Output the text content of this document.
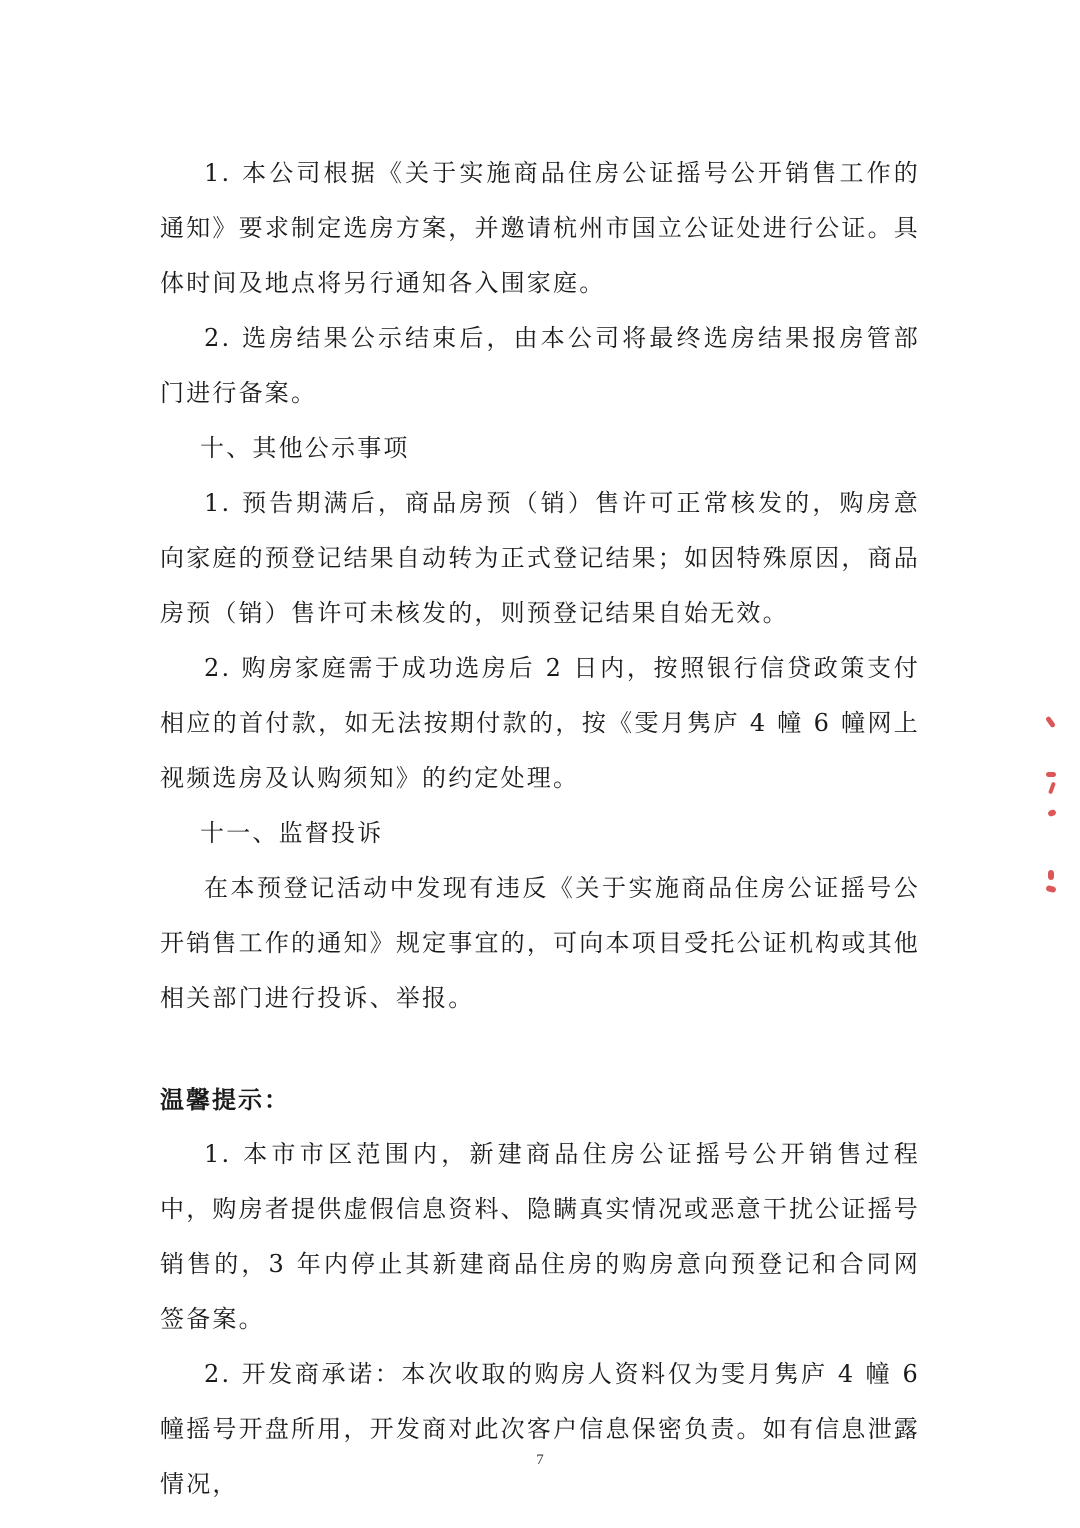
1. 本公司根据《关于实施商品住房公证摇号公开销售工作的通知》要求制定选房方案，并邀请杭州市国立公证处进行公证。具体时间及地点将另行通知各入围家庭。

2. 选房结果公示结束后，由本公司将最终选房结果报房管部门进行备案。

十、其他公示事项

1. 预告期满后，商品房预（销）售许可正常核发的，购房意向家庭的预登记结果自动转为正式登记结果；如因特殊原因，商品房预（销）售许可未核发的，则预登记结果自始无效。

2. 购房家庭需于成功选房后 2 日内，按照银行信贷政策支付相应的首付款，如无法按期付款的，按《雯月隽庐 4 幢 6 幢网上视频选房及认购须知》的约定处理。

十一、监督投诉

在本预登记活动中发现有违反《关于实施商品住房公证摇号公开销售工作的通知》规定事宜的，可向本项目受托公证机构或其他相关部门进行投诉、举报。

温馨提示：

1. 本市市区范围内，新建商品住房公证摇号公开销售过程中，购房者提供虚假信息资料、隐瞒真实情况或恶意干扰公证摇号销售的，3 年内停止其新建商品住房的购房意向预登记和合同网签备案。

2. 开发商承诺：本次收取的购房人资料仅为雯月隽庐 4 幢 6 幢摇号开盘所用，开发商对此次客户信息保密负责。如有信息泄露情况，

7
